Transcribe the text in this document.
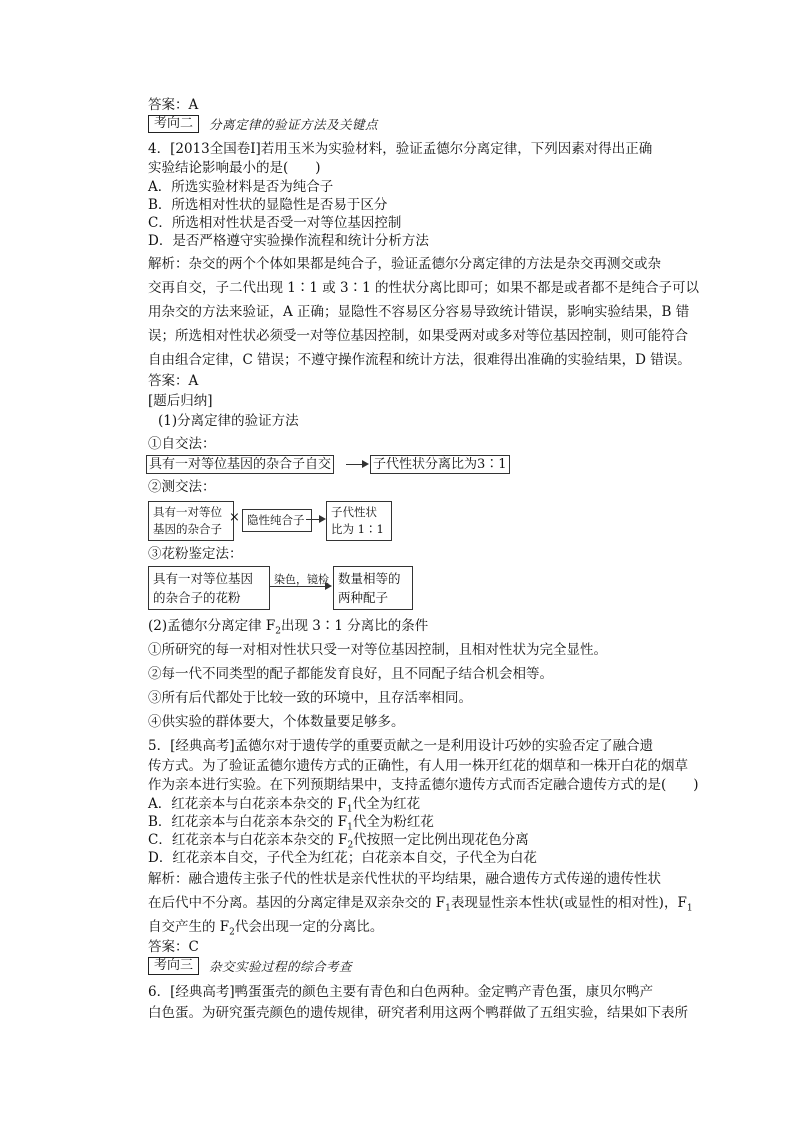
答案：A
考向二	分离定律的验证方法及关键点
4．[2013全国卷Ⅰ]若用玉米为实验材料，验证孟德尔分离定律，下列因素对得出正确
实验结论影响最小的是(　　)
A．所选实验材料是否为纯合子
B．所选相对性状的显隐性是否易于区分
C．所选相对性状是否受一对等位基因控制
D．是否严格遵守实验操作流程和统计分析方法
解析：杂交的两个个体如果都是纯合子，验证孟德尔分离定律的方法是杂交再测交或杂
交再自交，子二代出现 1∶1 或 3∶1 的性状分离比即可；如果不都是或者都不是纯合子可以
用杂交的方法来验证，A 正确；显隐性不容易区分容易导致统计错误，影响实验结果，B 错
误；所选相对性状必须受一对等位基因控制，如果受两对或多对等位基因控制，则可能符合
自由组合定律，C 错误；不遵守操作流程和统计方法，很难得出准确的实验结果，D 错误。
答案：A
[题后归纳]
(1)分离定律的验证方法
①自交法：
具有一对等位基因的杂合子自交	子代性状分离比为3∶1
②测交法：
具有一对等位
基因的杂合子
× 隐性纯合子
子代性状
比为 1∶1
③花粉鉴定法：
具有一对等位基因
的杂合子的花粉
染色，镜检 数量相等的
两种配子
(2)孟德尔分离定律 $F_2$出现 3∶1 分离比的条件
①所研究的每一对相对性状只受一对等位基因控制，且相对性状为完全显性。
②每一代不同类型的配子都能发育良好，且不同配子结合机会相等。
③所有后代都处于比较一致的环境中，且存活率相同。
④供实验的群体要大，个体数量要足够多。
5．[经典高考]孟德尔对于遗传学的重要贡献之一是利用设计巧妙的实验否定了融合遗
传方式。为了验证孟德尔遗传方式的正确性，有人用一株开红花的烟草和一株开白花的烟草
作为亲本进行实验。在下列预期结果中，支持孟德尔遗传方式而否定融合遗传方式的是(　　)
A．红花亲本与白花亲本杂交的 $F_1$代全为红花
B．红花亲本与白花亲本杂交的 $F_1$代全为粉红花
C．红花亲本与白花亲本杂交的 $F_2$代按照一定比例出现花色分离
D．红花亲本自交，子代全为红花；白花亲本自交，子代全为白花
解析：融合遗传主张子代的性状是亲代性状的平均结果，融合遗传方式传递的遗传性状
在后代中不分离。基因的分离定律是双亲杂交的 $F_1$表现显性亲本性状(或显性的相对性)，$F_1$
自交产生的 $F_2$代会出现一定的分离比。
答案：C
考向三	杂交实验过程的综合考查
6．[经典高考]鸭蛋蛋壳的颜色主要有青色和白色两种。金定鸭产青色蛋，康贝尔鸭产
白色蛋。为研究蛋壳颜色的遗传规律，研究者利用这两个鸭群做了五组实验，结果如下表所
